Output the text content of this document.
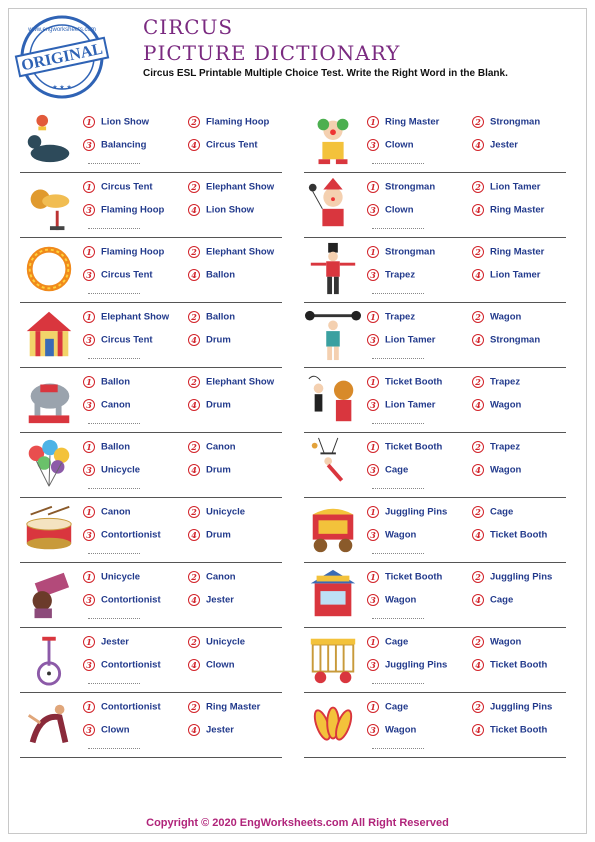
ORIGINAL
www.engworksheets.com
★ ★ ★
CIRCUS
PICTURE DICTIONARY
Circus ESL Printable Multiple Choice Test. Write the Right Word in the Blank.
1 Lion Show	2 Flaming Hoop
3 Balancing	4 Circus Tent
1 Circus Tent	2 Elephant Show
3 Flaming Hoop	4 Lion Show
1 Flaming Hoop	2 Elephant Show
3 Circus Tent	4 Ballon
1 Elephant Show	2 Ballon
3 Circus Tent	4 Drum
1 Ballon	2 Elephant Show
3 Canon	4 Drum
1 Ballon	2 Canon
3 Unicycle	4 Drum
1 Canon	2 Unicycle
3 Contortionist	4 Drum
1 Unicycle	2 Canon
3 Contortionist	4 Jester
1 Jester	2 Unicycle
3 Contortionist	4 Clown
1 Contortionist	2 Ring Master
3 Clown	4 Jester
1 Ring Master	2 Strongman
3 Clown	4 Jester
1 Strongman	2 Lion Tamer
3 Clown	4 Ring Master
1 Strongman	2 Ring Master
3 Trapez	4 Lion Tamer
1 Trapez	2 Wagon
3 Lion Tamer	4 Strongman
1 Ticket Booth	2 Trapez
3 Lion Tamer	4 Wagon
1 Ticket Booth	2 Trapez
3 Cage	4 Wagon
1 Juggling Pins	2 Cage
3 Wagon	4 Ticket Booth
1 Ticket Booth	2 Juggling Pins
3 Wagon	4 Cage
1 Cage	2 Wagon
3 Juggling Pins	4 Ticket Booth
1 Cage	2 Juggling Pins
3 Wagon	4 Ticket Booth
Copyright © 2020 EngWorksheets.com All Right Reserved
